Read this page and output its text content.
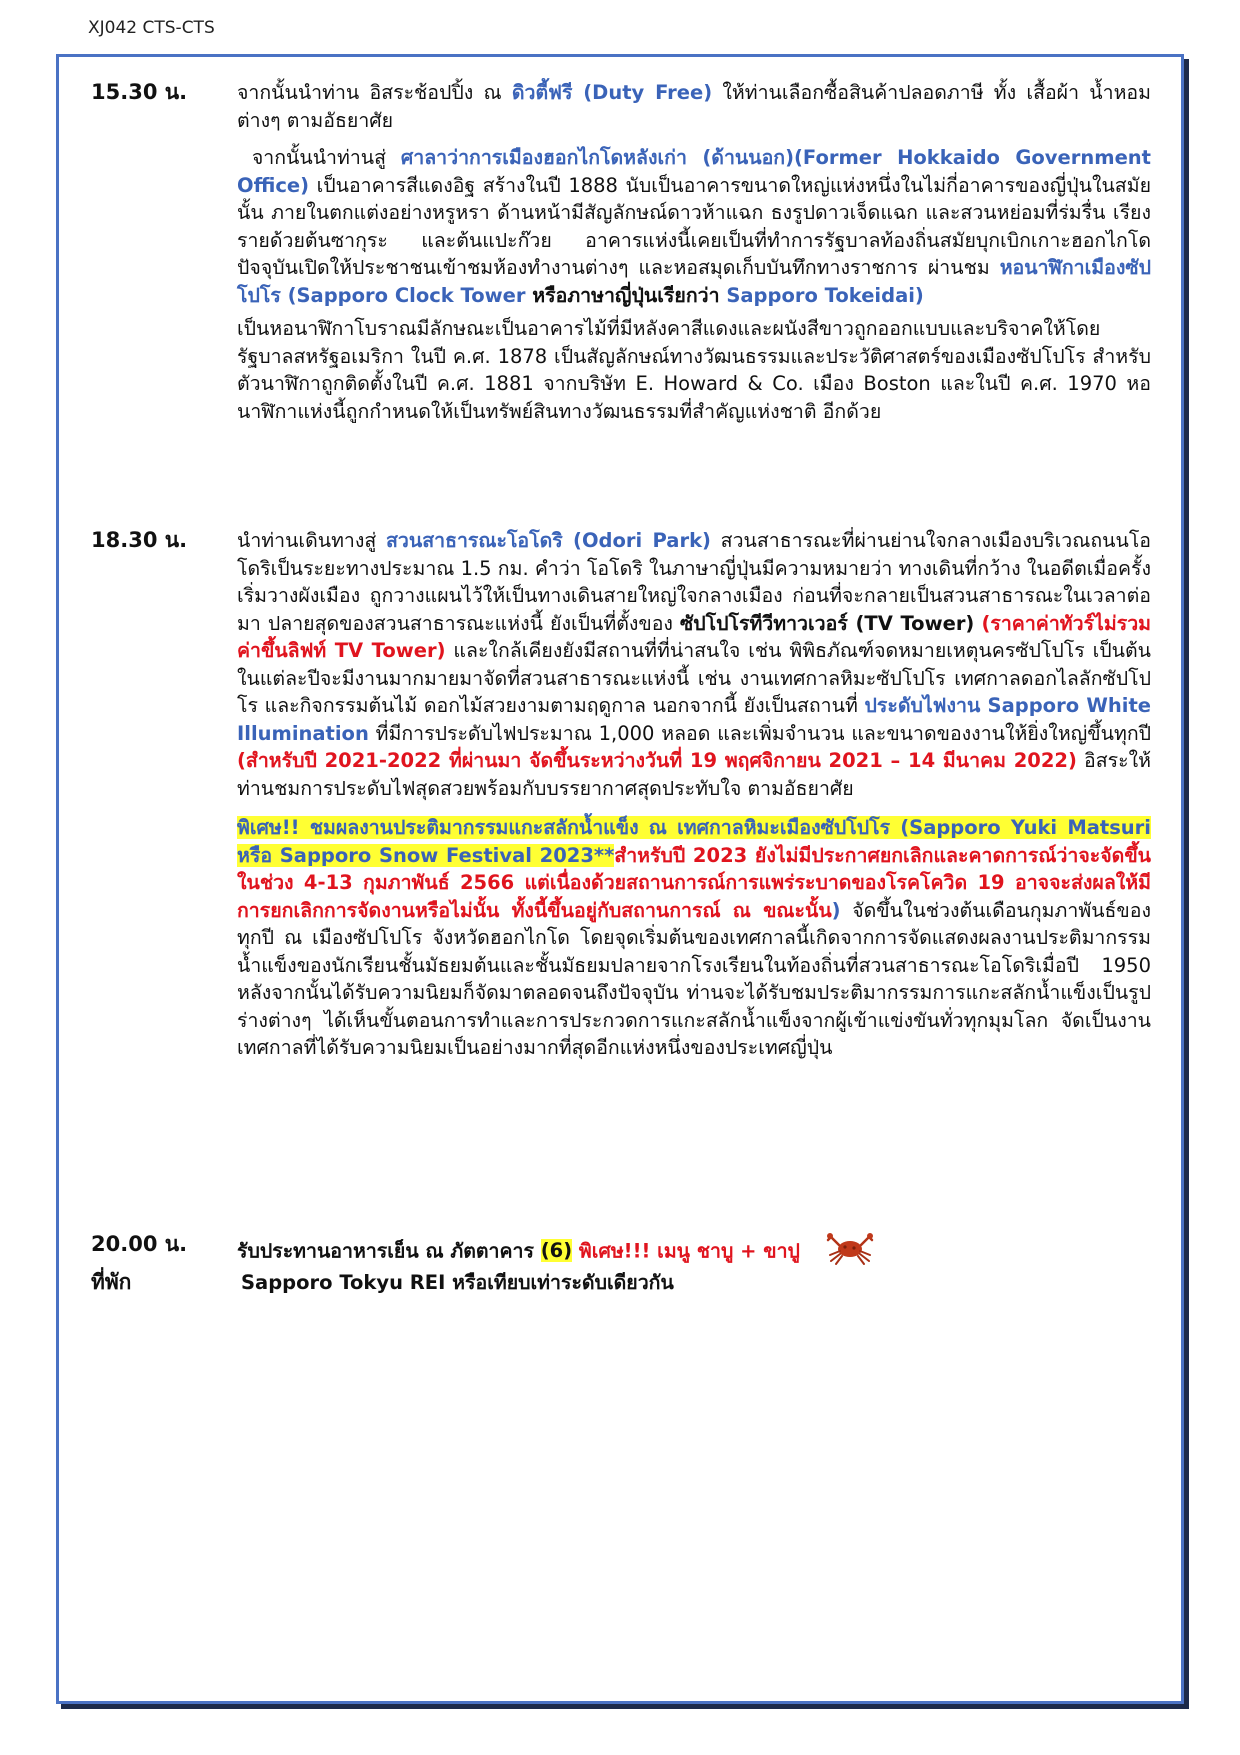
XJ042 CTS-CTS
15.30 น.	จากนั้นนำท่าน อิสระช้อปปิ้ง ณ ดิวตี้ฟรี (Duty Free) ให้ท่านเลือกซื้อสินค้าปลอดภาษี ทั้ง เสื้อผ้า น้ำหอม ต่างๆ ตามอัธยาศัย

จากนั้นนำท่านสู่ ศาลาว่าการเมืองฮอกไกโดหลังเก่า (ด้านนอก)(Former Hokkaido Government Office) เป็นอาคารสีแดงอิฐ สร้างในปี 1888 นับเป็นอาคารขนาดใหญ่แห่งหนึ่งในไม่กี่อาคารของญี่ปุ่นในสมัยนั้น ภายในตกแต่งอย่างหรูหรา ด้านหน้ามีสัญลักษณ์ดาวห้าแฉก ธงรูปดาวเจ็ดแฉก และสวนหย่อมที่ร่มรื่น เรียงรายด้วยต้นซากุระ และต้นแปะก๊วย อาคารแห่งนี้เคยเป็นที่ทำการรัฐบาลท้องถิ่นสมัยบุกเบิกเกาะฮอกไกโด ปัจจุบันเปิดให้ประชาชนเข้าชมห้องทำงานต่างๆ และหอสมุดเก็บบันทึกทางราชการ ผ่านชม หอนาฬิกาเมืองซัปโปโร (Sapporo Clock Tower หรือภาษาญี่ปุ่นเรียกว่า Sapporo Tokeidai)

เป็นหอนาฬิกาโบราณมีลักษณะเป็นอาคารไม้ที่มีหลังคาสีแดงและผนังสีขาวถูกออกแบบและบริจาคให้โดยรัฐบาลสหรัฐอเมริกา ในปี ค.ศ. 1878 เป็นสัญลักษณ์ทางวัฒนธรรมและประวัติศาสตร์ของเมืองซัปโปโร สำหรับตัวนาฬิกาถูกติดตั้งในปี ค.ศ. 1881 จากบริษัท E. Howard & Co. เมือง Boston และในปี ค.ศ. 1970 หอนาฬิกาแห่งนี้ถูกกำหนดให้เป็นทรัพย์สินทางวัฒนธรรมที่สำคัญแห่งชาติ อีกด้วย

18.30 น.	นำท่านเดินทางสู่ สวนสาธารณะโอโดริ (Odori Park) สวนสาธารณะที่ผ่านย่านใจกลางเมืองบริเวณถนนโอโดริเป็นระยะทางประมาณ 1.5 กม. คำว่า โอโดริ ในภาษาญี่ปุ่นมีความหมายว่า ทางเดินที่กว้าง ในอดีตเมื่อครั้งเริ่มวางผังเมือง ถูกวางแผนไว้ให้เป็นทางเดินสายใหญ่ใจกลางเมือง ก่อนที่จะกลายเป็นสวนสาธารณะในเวลาต่อมา ปลายสุดของสวนสาธารณะแห่งนี้ ยังเป็นที่ตั้งของ ซัปโปโรทีวีทาวเวอร์ (TV Tower) (ราคาค่าทัวร์ไม่รวมค่าขึ้นลิฟท์ TV Tower) และใกล้เคียงยังมีสถานที่ที่น่าสนใจ เช่น พิพิธภัณฑ์จดหมายเหตุนครซัปโปโร เป็นต้น ในแต่ละปีจะมีงานมากมายมาจัดที่สวนสาธารณะแห่งนี้ เช่น งานเทศกาลหิมะซัปโปโร เทศกาลดอกไลลักซัปโปโร และกิจกรรมต้นไม้ ดอกไม้สวยงามตามฤดูกาล นอกจากนี้ ยังเป็นสถานที่ ประดับไฟงาน Sapporo White Illumination ที่มีการประดับไฟประมาณ 1,000 หลอด และเพิ่มจำนวน และขนาดของงานให้ยิ่งใหญ่ขึ้นทุกปี (สำหรับปี 2021-2022 ที่ผ่านมา จัดขึ้นระหว่างวันที่ 19 พฤศจิกายน 2021 – 14 มีนาคม 2022) อิสระให้ท่านชมการประดับไฟสุดสวยพร้อมกับบรรยากาศสุดประทับใจ ตามอัธยาศัย

พิเศษ!! ชมผลงานประติมากรรมแกะสลักน้ำแข็ง ณ เทศกาลหิมะเมืองซัปโปโร (Sapporo Yuki Matsuri หรือ Sapporo Snow Festival 2023**สำหรับปี 2023 ยังไม่มีประกาศยกเลิกและคาดการณ์ว่าจะจัดขึ้นในช่วง 4-13 กุมภาพันธ์ 2566 แต่เนื่องด้วยสถานการณ์การแพร่ระบาดของโรคโควิด 19 อาจจะส่งผลให้มีการยกเลิกการจัดงานหรือไม่นั้น ทั้งนี้ขึ้นอยู่กับสถานการณ์ ณ ขณะนั้น) จัดขึ้นในช่วงต้นเดือนกุมภาพันธ์ของทุกปี ณ เมืองซัปโปโร จังหวัดฮอกไกโด โดยจุดเริ่มต้นของเทศกาลนี้เกิดจากการจัดแสดงผลงานประติมากรรมน้ำแข็งของนักเรียนชั้นมัธยมต้นและชั้นมัธยมปลายจากโรงเรียนในท้องถิ่นที่สวนสาธารณะโอโดริเมื่อปี 1950 หลังจากนั้นได้รับความนิยมก็จัดมาตลอดจนถึงปัจจุบัน ท่านจะได้รับชมประติมากรรมการแกะสลักน้ำแข็งเป็นรูปร่างต่างๆ ได้เห็นขั้นตอนการทำและการประกวดการแกะสลักน้ำแข็งจากผู้เข้าแข่งขันทั่วทุกมุมโลก จัดเป็นงานเทศกาลที่ได้รับความนิยมเป็นอย่างมากที่สุดอีกแห่งหนึ่งของประเทศญี่ปุ่น

20.00 น.	รับประทานอาหารเย็น ณ ภัตตาคาร (6) พิเศษ!!! เมนู ชาบู + ขาปู
ที่พัก	Sapporo Tokyu REI หรือเทียบเท่าระดับเดียวกัน
